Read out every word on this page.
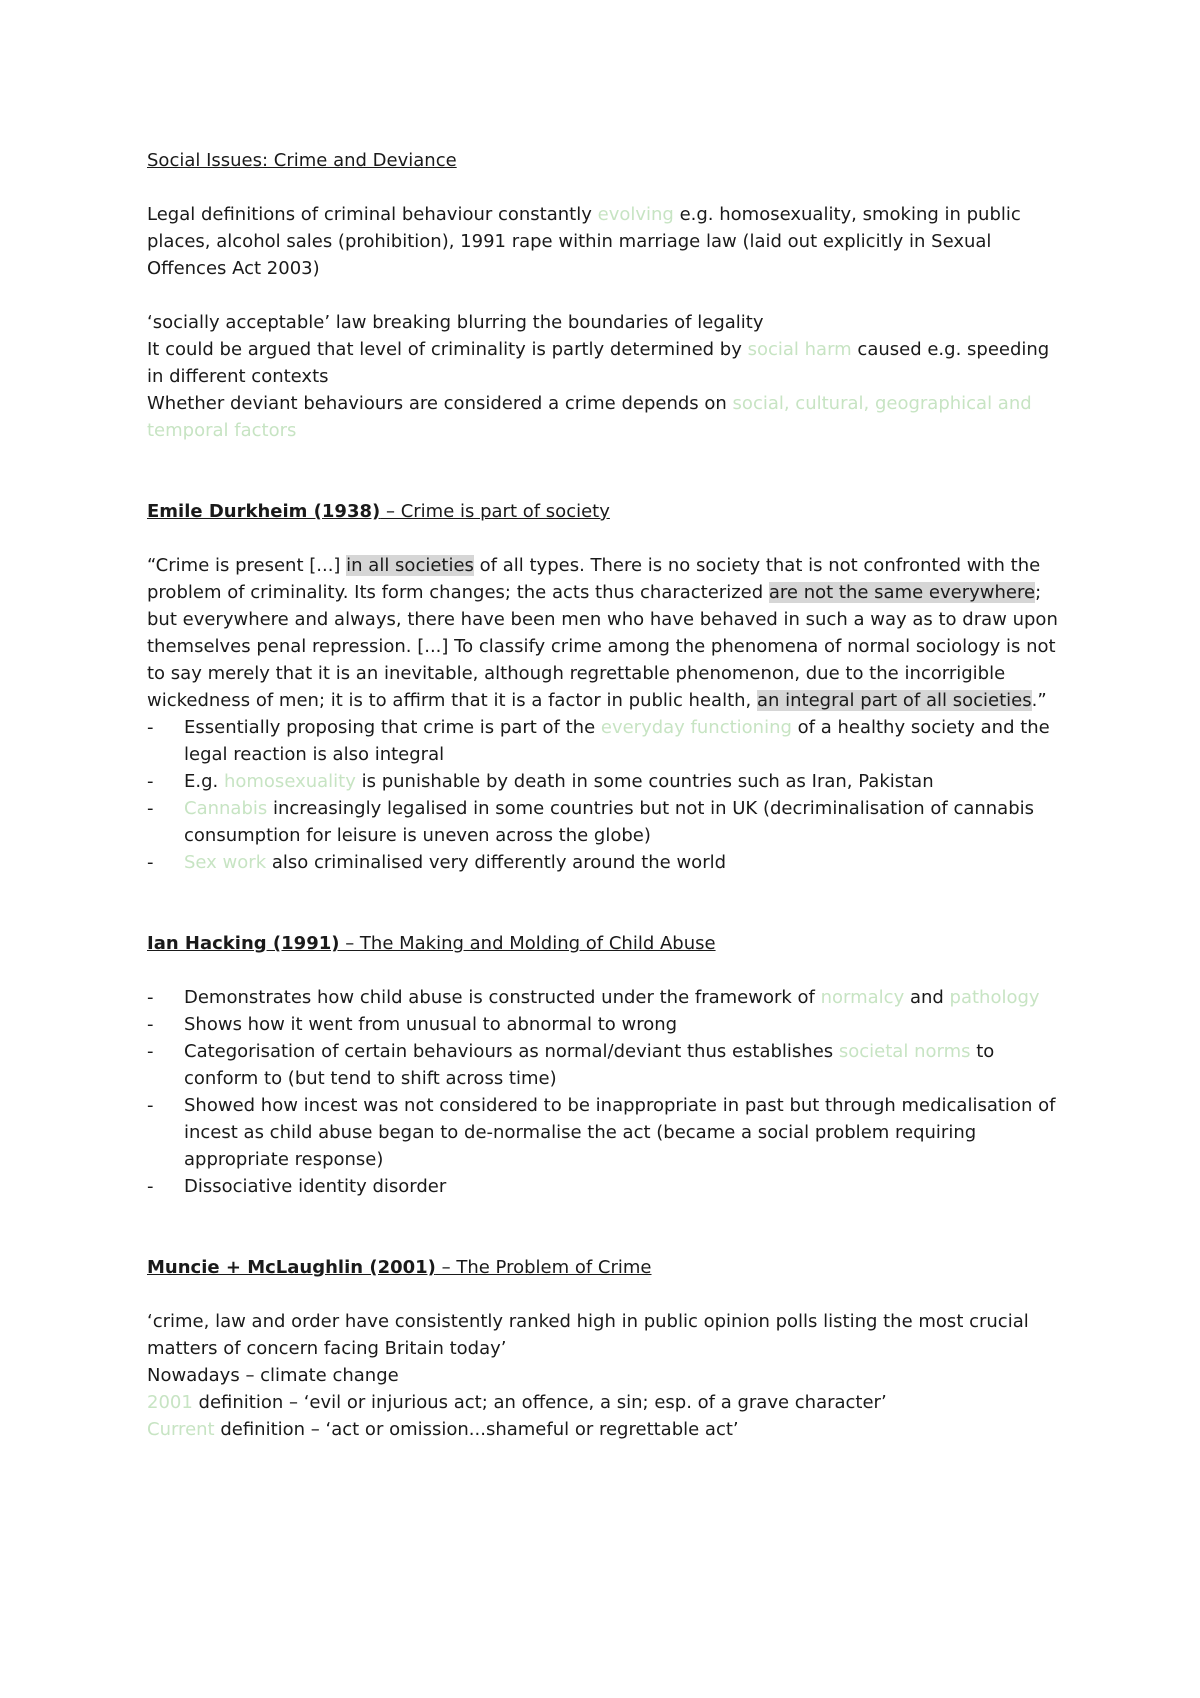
Social Issues: Crime and Deviance

Legal definitions of criminal behaviour constantly evolving e.g. homosexuality, smoking in public

places, alcohol sales (prohibition), 1991 rape within marriage law (laid out explicitly in Sexual

Offences Act 2003)

‘socially acceptable’ law breaking blurring the boundaries of legality

It could be argued that level of criminality is partly determined by social harm caused e.g. speeding

in different contexts

Whether deviant behaviours are considered a crime depends on social, cultural, geographical and

temporal factors

Emile Durkheim (1938) – Crime is part of society

“Crime is present [...] in all societies of all types. There is no society that is not confronted with the

problem of criminality. Its form changes; the acts thus characterized are not the same everywhere;

but everywhere and always, there have been men who have behaved in such a way as to draw upon

themselves penal repression. [...] To classify crime among the phenomena of normal sociology is not

to say merely that it is an inevitable, although regrettable phenomenon, due to the incorrigible

wickedness of men; it is to affirm that it is a factor in public health, an integral part of all societies.”

-	Essentially proposing that crime is part of the everyday functioning of a healthy society and the
legal reaction is also integral
-	E.g. homosexuality is punishable by death in some countries such as Iran, Pakistan
-	Cannabis increasingly legalised in some countries but not in UK (decriminalisation of cannabis
consumption for leisure is uneven across the globe)
-	Sex work also criminalised very differently around the world

Ian Hacking (1991) – The Making and Molding of Child Abuse

-	Demonstrates how child abuse is constructed under the framework of normalcy and pathology
-	Shows how it went from unusual to abnormal to wrong
-	Categorisation of certain behaviours as normal/deviant thus establishes societal norms to
conform to (but tend to shift across time)
-	Showed how incest was not considered to be inappropriate in past but through medicalisation of
incest as child abuse began to de-normalise the act (became a social problem requiring
appropriate response)
-	Dissociative identity disorder

Muncie + McLaughlin (2001) – The Problem of Crime

‘crime, law and order have consistently ranked high in public opinion polls listing the most crucial

matters of concern facing Britain today’

Nowadays – climate change

2001 definition – ‘evil or injurious act; an offence, a sin; esp. of a grave character’

Current definition – ‘act or omission...shameful or regrettable act’
